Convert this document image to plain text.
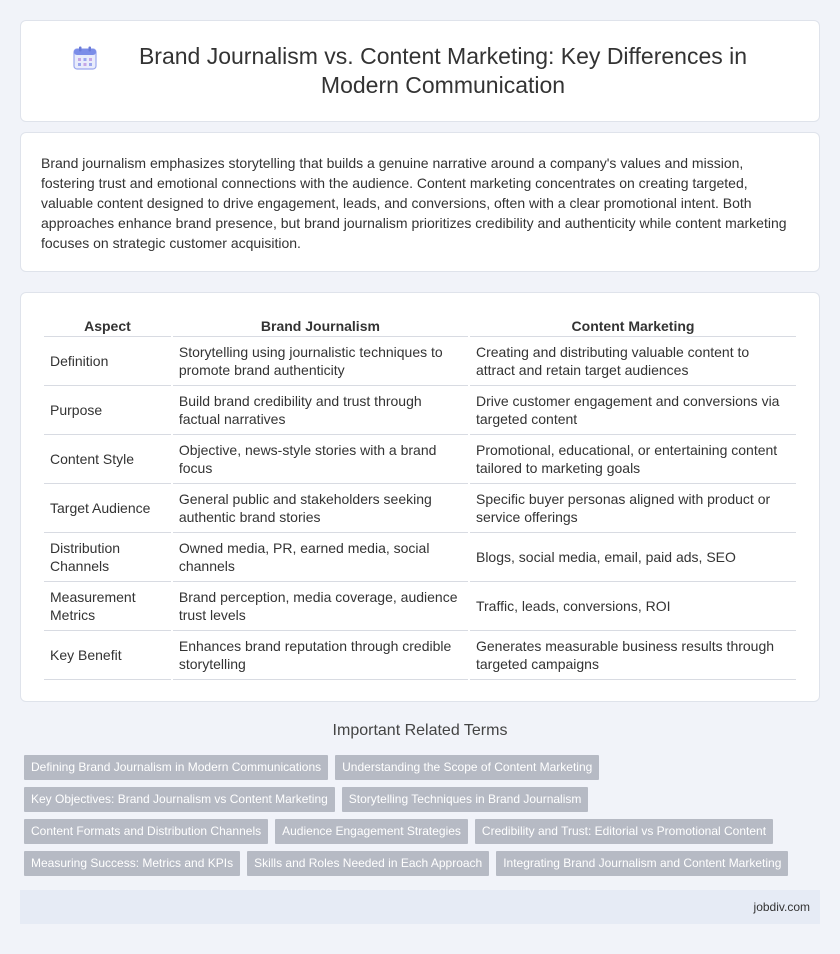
Brand Journalism vs. Content Marketing: Key Differences in Modern Communication

Brand journalism emphasizes storytelling that builds a genuine narrative around a company's values and mission, fostering trust and emotional connections with the audience. Content marketing concentrates on creating targeted, valuable content designed to drive engagement, leads, and conversions, often with a clear promotional intent. Both approaches enhance brand presence, but brand journalism prioritizes credibility and authenticity while content marketing focuses on strategic customer acquisition.

Aspect	Brand Journalism	Content Marketing
Definition	Storytelling using journalistic techniques to promote brand authenticity	Creating and distributing valuable content to attract and retain target audiences
Purpose	Build brand credibility and trust through factual narratives	Drive customer engagement and conversions via targeted content
Content Style	Objective, news-style stories with a brand focus	Promotional, educational, or entertaining content tailored to marketing goals
Target Audience	General public and stakeholders seeking authentic brand stories	Specific buyer personas aligned with product or service offerings
Distribution Channels	Owned media, PR, earned media, social channels	Blogs, social media, email, paid ads, SEO
Measurement Metrics	Brand perception, media coverage, audience trust levels	Traffic, leads, conversions, ROI
Key Benefit	Enhances brand reputation through credible storytelling	Generates measurable business results through targeted campaigns
Important Related Terms
Defining Brand Journalism in Modern Communications	Understanding the Scope of Content Marketing
Key Objectives: Brand Journalism vs Content Marketing	Storytelling Techniques in Brand Journalism
Content Formats and Distribution Channels	Audience Engagement Strategies	Credibility and Trust: Editorial vs Promotional Content
Measuring Success: Metrics and KPIs	Skills and Roles Needed in Each Approach	Integrating Brand Journalism and Content Marketing
jobdiv.com
